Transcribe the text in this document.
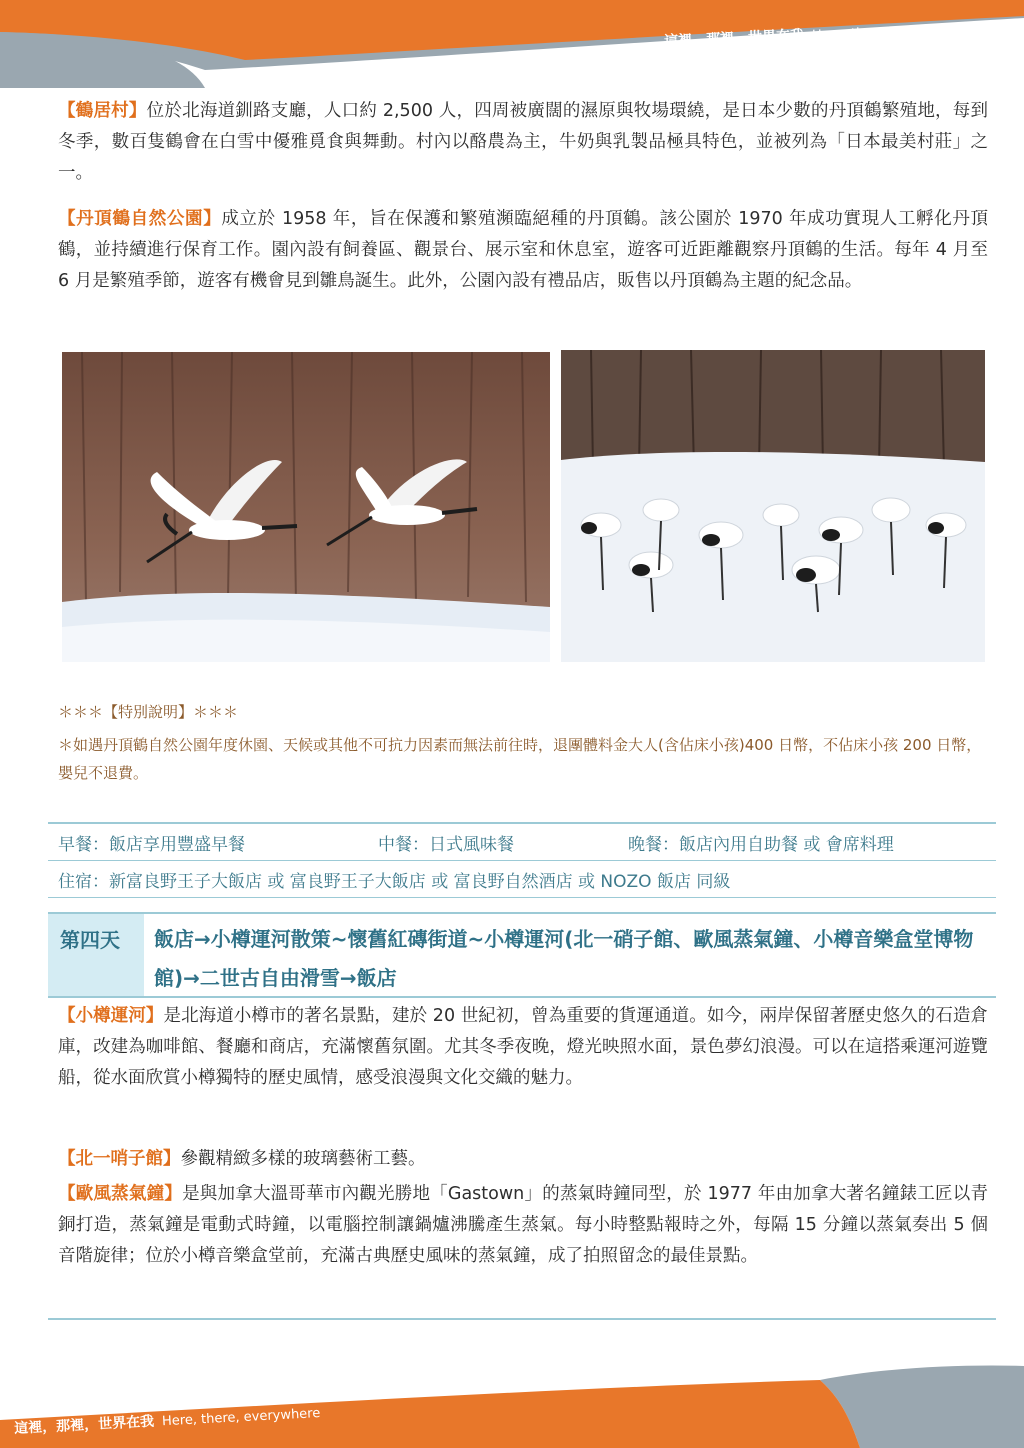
這裡，那裡，世界在我 Here, there, everywhere
【鶴居村】位於北海道釧路支廳，人口約 2,500 人，四周被廣闊的濕原與牧場環繞，是日本少數的丹頂鶴繁殖地，每到冬季，數百隻鶴會在白雪中優雅覓食與舞動。村內以酪農為主，牛奶與乳製品極具特色，並被列為「日本最美村莊」之一。
【丹頂鶴自然公園】成立於 1958 年，旨在保護和繁殖瀕臨絕種的丹頂鶴。該公園於 1970 年成功實現人工孵化丹頂鶴，並持續進行保育工作。園內設有飼養區、觀景台、展示室和休息室，遊客可近距離觀察丹頂鶴的生活。每年 4 月至 6 月是繁殖季節，遊客有機會見到雛鳥誕生。此外，公園內設有禮品店，販售以丹頂鶴為主題的紀念品。
＊＊＊【特別說明】＊＊＊
＊如遇丹頂鶴自然公園年度休園、天候或其他不可抗力因素而無法前往時，退團體料金大人(含佔床小孩)400 日幣，不佔床小孩 200 日幣，嬰兒不退費。
早餐：飯店享用豐盛早餐	中餐：日式風味餐	晚餐：飯店內用自助餐 或 會席料理
住宿：新富良野王子大飯店 或 富良野王子大飯店 或 富良野自然酒店 或 NOZO 飯店 同級
第四天	飯店→小樽運河散策~懷舊紅磚街道~小樽運河(北一硝子館、歐風蒸氣鐘、小樽音樂盒堂博物館)→二世古自由滑雪→飯店
【小樽運河】是北海道小樽市的著名景點，建於 20 世紀初，曾為重要的貨運通道。如今，兩岸保留著歷史悠久的石造倉庫，改建為咖啡館、餐廳和商店，充滿懷舊氛圍。尤其冬季夜晚，燈光映照水面，景色夢幻浪漫。可以在這搭乘運河遊覽船，從水面欣賞小樽獨特的歷史風情，感受浪漫與文化交織的魅力。
【北一哨子館】參觀精緻多樣的玻璃藝術工藝。
【歐風蒸氣鐘】是與加拿大溫哥華市內觀光勝地「Gastown」的蒸氣時鐘同型，於 1977 年由加拿大著名鐘錶工匠以青銅打造，蒸氣鐘是電動式時鐘，以電腦控制讓鍋爐沸騰產生蒸氣。每小時整點報時之外，每隔 15 分鐘以蒸氣奏出 5 個音階旋律；位於小樽音樂盒堂前，充滿古典歷史風味的蒸氣鐘，成了拍照留念的最佳景點。
這裡，那裡，世界在我 Here, there, everywhere
